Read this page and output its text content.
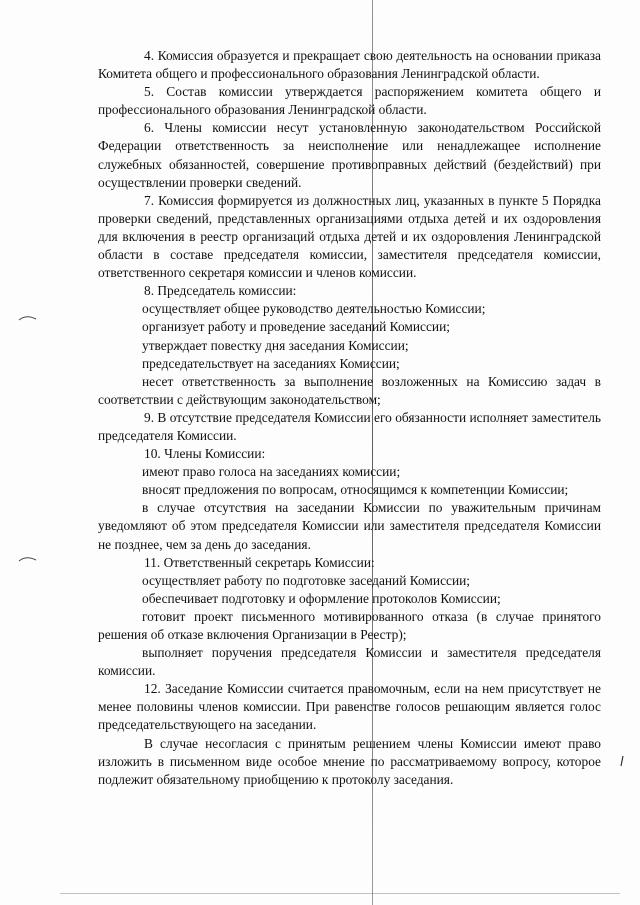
4. Комиссия образуется и прекращает свою деятельность на основании приказа Комитета общего и профессионального образования Ленинградской области.

5. Состав комиссии утверждается распоряжением комитета общего и профессионального образования Ленинградской области.

6. Члены комиссии несут установленную законодательством Российской Федерации ответственность за неисполнение или ненадлежащее исполнение служебных обязанностей, совершение противоправных действий (бездействий) при осуществлении проверки сведений.

7. Комиссия формируется из должностных лиц, указанных в пункте 5 Порядка проверки сведений, представленных организациями отдыха детей и их оздоровления для включения в реестр организаций отдыха детей и их оздоровления Ленинградской области в составе председателя комиссии, заместителя председателя комиссии, ответственного секретаря комиссии и членов комиссии.

8. Председатель комиссии:

осуществляет общее руководство деятельностью Комиссии;

организует работу и проведение заседаний Комиссии;

утверждает повестку дня заседания Комиссии;

председательствует на заседаниях Комиссии;

несет ответственность за выполнение возложенных на Комиссию задач в соответствии с действующим законодательством;

9. В отсутствие председателя Комиссии его обязанности исполняет заместитель председателя Комиссии.

10. Члены Комиссии:

имеют право голоса на заседаниях комиссии;

вносят предложения по вопросам, относящимся к компетенции Комиссии;

в случае отсутствия на заседании Комиссии по уважительным причинам уведомляют об этом председателя Комиссии или заместителя председателя Комиссии не позднее, чем за день до заседания.

11. Ответственный секретарь Комиссии:

осуществляет работу по подготовке заседаний Комиссии;

обеспечивает подготовку и оформление протоколов Комиссии;

готовит проект письменного мотивированного отказа (в случае принятого решения об отказе включения Организации в Реестр);

выполняет поручения председателя Комиссии и заместителя председателя комиссии.

12. Заседание Комиссии считается правомочным, если на нем присутствует не менее половины членов комиссии. При равенстве голосов решающим является голос председательствующего на заседании.

В случае несогласия с принятым решением члены Комиссии имеют право изложить в письменном виде особое мнение по рассматриваемому вопросу, которое подлежит обязательному приобщению к протоколу заседания.
